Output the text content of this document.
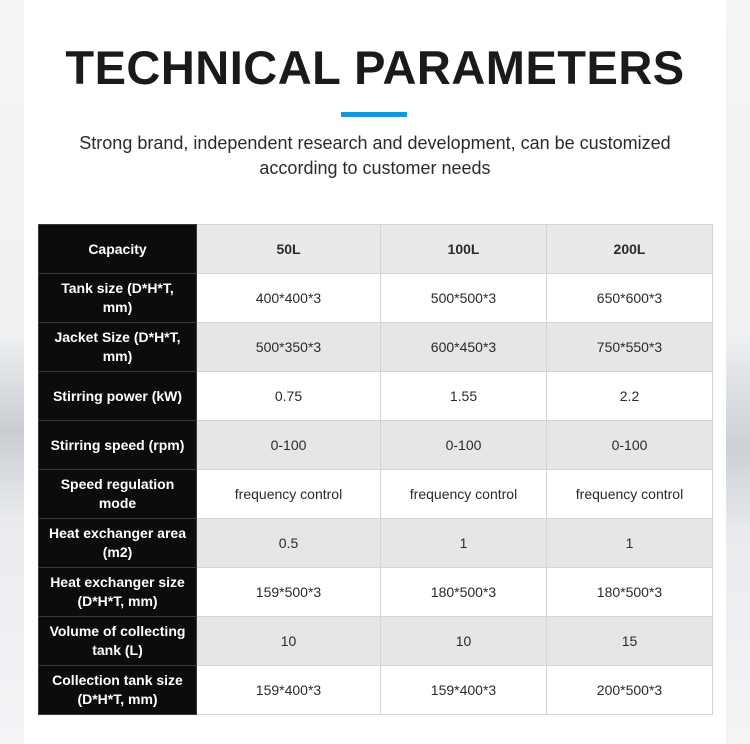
TECHNICAL PARAMETERS
Strong brand, independent research and development, can be customized according to customer needs
Capacity	50L	100L	200L
Tank size (D*H*T, mm)	400*400*3	500*500*3	650*600*3
Jacket Size (D*H*T, mm)	500*350*3	600*450*3	750*550*3
Stirring power (kW)	0.75	1.55	2.2
Stirring speed (rpm)	0-100	0-100	0-100
Speed regulation mode	frequency control	frequency control	frequency control
Heat exchanger area (m2)	0.5	1	1
Heat exchanger size (D*H*T, mm)	159*500*3	180*500*3	180*500*3
Volume of collecting tank (L)	10	10	15
Collection tank size (D*H*T, mm)	159*400*3	159*400*3	200*500*3
